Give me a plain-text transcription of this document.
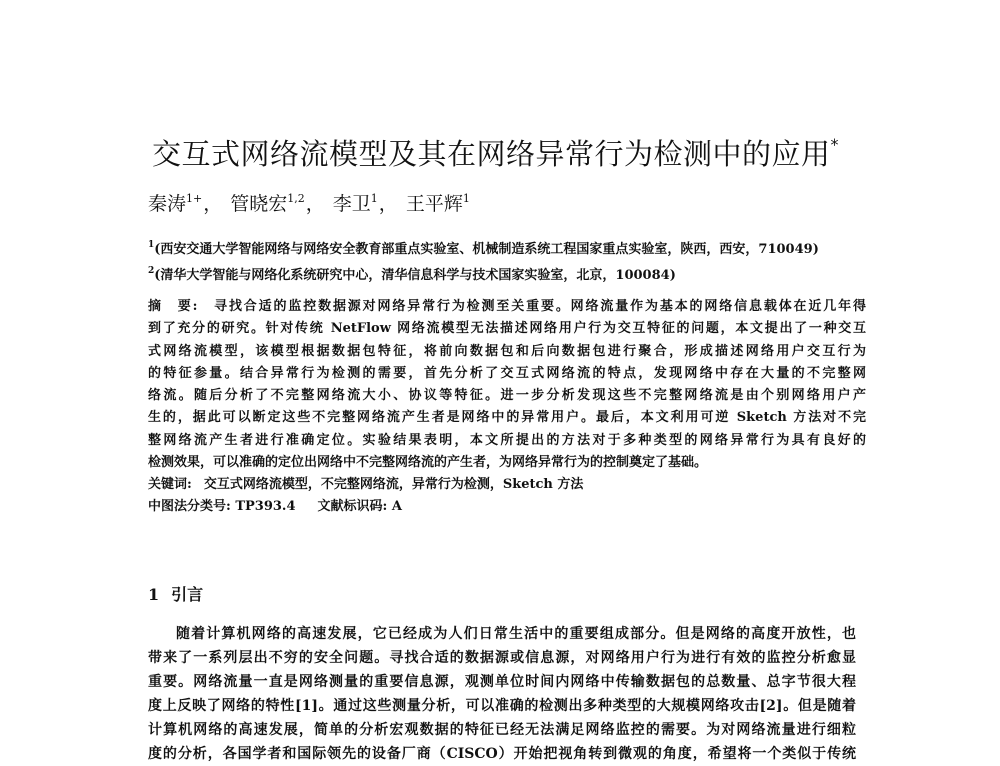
交互式网络流模型及其在网络异常行为检测中的应用*
秦涛$^{1+}$， 管晓宏$^{1,2}$， 李卫$^1$， 王平辉$^1$
$^1$(西安交通大学智能网络与网络安全教育部重点实验室、机械制造系统工程国家重点实验室，陕西，西安，710049)
$^2$(清华大学智能与网络化系统研究中心，清华信息科学与技术国家实验室，北京，100084)
摘　要:　寻找合适的监控数据源对网络异常行为检测至关重要。网络流量作为基本的网络信息载体在近几年得
到了充分的研究。针对传统 NetFlow 网络流模型无法描述网络用户行为交互特征的问题，本文提出了一种交互
式网络流模型，该模型根据数据包特征，将前向数据包和后向数据包进行聚合，形成描述网络用户交互行为
的特征参量。结合异常行为检测的需要，首先分析了交互式网络流的特点，发现网络中存在大量的不完整网
络流。随后分析了不完整网络流大小、协议等特征。进一步分析发现这些不完整网络流是由个别网络用户产
生的，据此可以断定这些不完整网络流产生者是网络中的异常用户。最后，本文利用可逆 Sketch 方法对不完
整网络流产生者进行准确定位。实验结果表明，本文所提出的方法对于多种类型的网络异常行为具有良好的
检测效果，可以准确的定位出网络中不完整网络流的产生者，为网络异常行为的控制奠定了基础。
关键词: 交互式网络流模型，不完整网络流，异常行为检测，Sketch 方法
中图法分类号: TP393.4 文献标识码: A
1 引言
随着计算机网络的高速发展，它已经成为人们日常生活中的重要组成部分。但是网络的高度开放性，也
带来了一系列层出不穷的安全问题。寻找合适的数据源或信息源，对网络用户行为进行有效的监控分析愈显
重要。网络流量一直是网络测量的重要信息源，观测单位时间内网络中传输数据包的总数量、总字节很大程
度上反映了网络的特性[1]。通过这些测量分析，可以准确的检测出多种类型的大规模网络攻击[2]。但是随着
计算机网络的高速发展，简单的分析宏观数据的特征已经无法满足网络监控的需要。为对网络流量进行细粒
度的分析，各国学者和国际领先的设备厂商（CISCO）开始把视角转到微观的角度，希望将一个类似于传统
